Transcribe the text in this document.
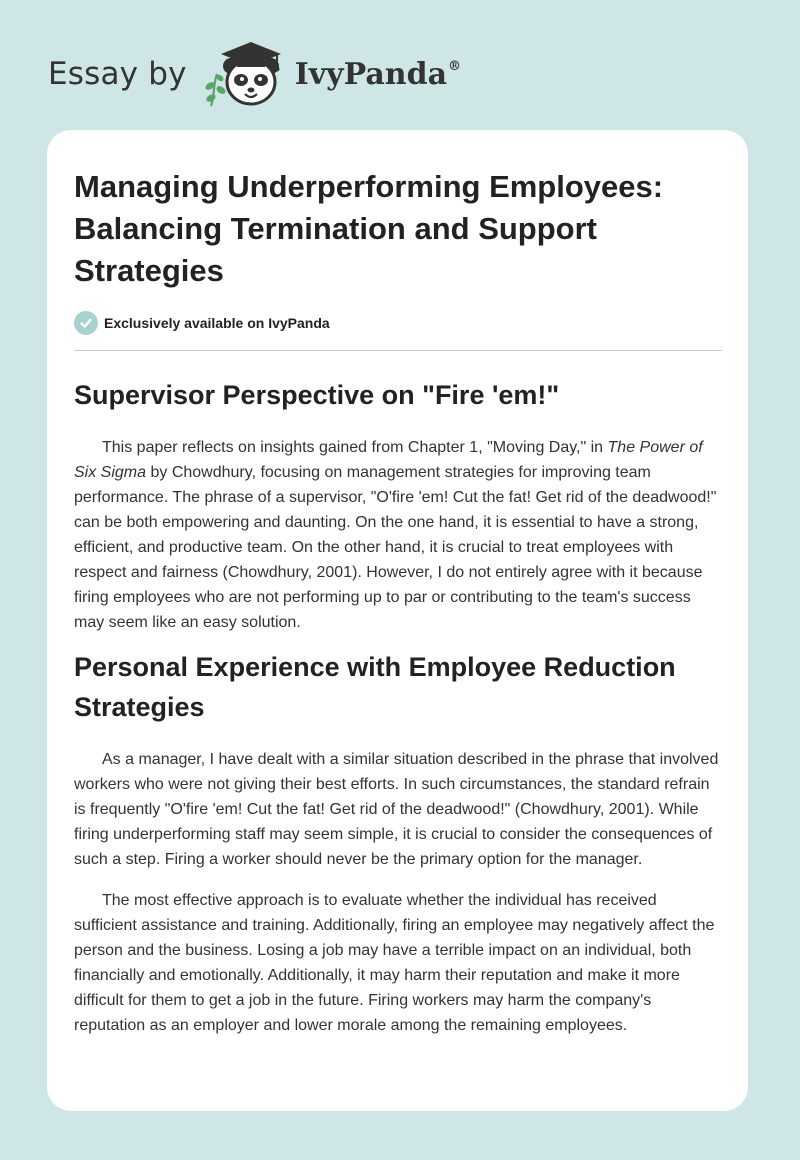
Essay by	IvyPanda®
Managing Underperforming Employees: Balancing Termination and Support Strategies
Exclusively available on IvyPanda
Supervisor Perspective on "Fire 'em!"

This paper reflects on insights gained from Chapter 1, "Moving Day," in The Power of Six Sigma by Chowdhury, focusing on management strategies for improving team performance. The phrase of a supervisor, "O'fire 'em! Cut the fat! Get rid of the deadwood!" can be both empowering and daunting. On the one hand, it is essential to have a strong, efficient, and productive team. On the other hand, it is crucial to treat employees with respect and fairness (Chowdhury, 2001). However, I do not entirely agree with it because firing employees who are not performing up to par or contributing to the team's success may seem like an easy solution.

Personal Experience with Employee Reduction Strategies

As a manager, I have dealt with a similar situation described in the phrase that involved workers who were not giving their best efforts. In such circumstances, the standard refrain is frequently "O'fire 'em! Cut the fat! Get rid of the deadwood!" (Chowdhury, 2001). While firing underperforming staff may seem simple, it is crucial to consider the consequences of such a step. Firing a worker should never be the primary option for the manager.

The most effective approach is to evaluate whether the individual has received sufficient assistance and training. Additionally, firing an employee may negatively affect the person and the business. Losing a job may have a terrible impact on an individual, both financially and emotionally. Additionally, it may harm their reputation and make it more difficult for them to get a job in the future. Firing workers may harm the company's reputation as an employer and lower morale among the remaining employees.
